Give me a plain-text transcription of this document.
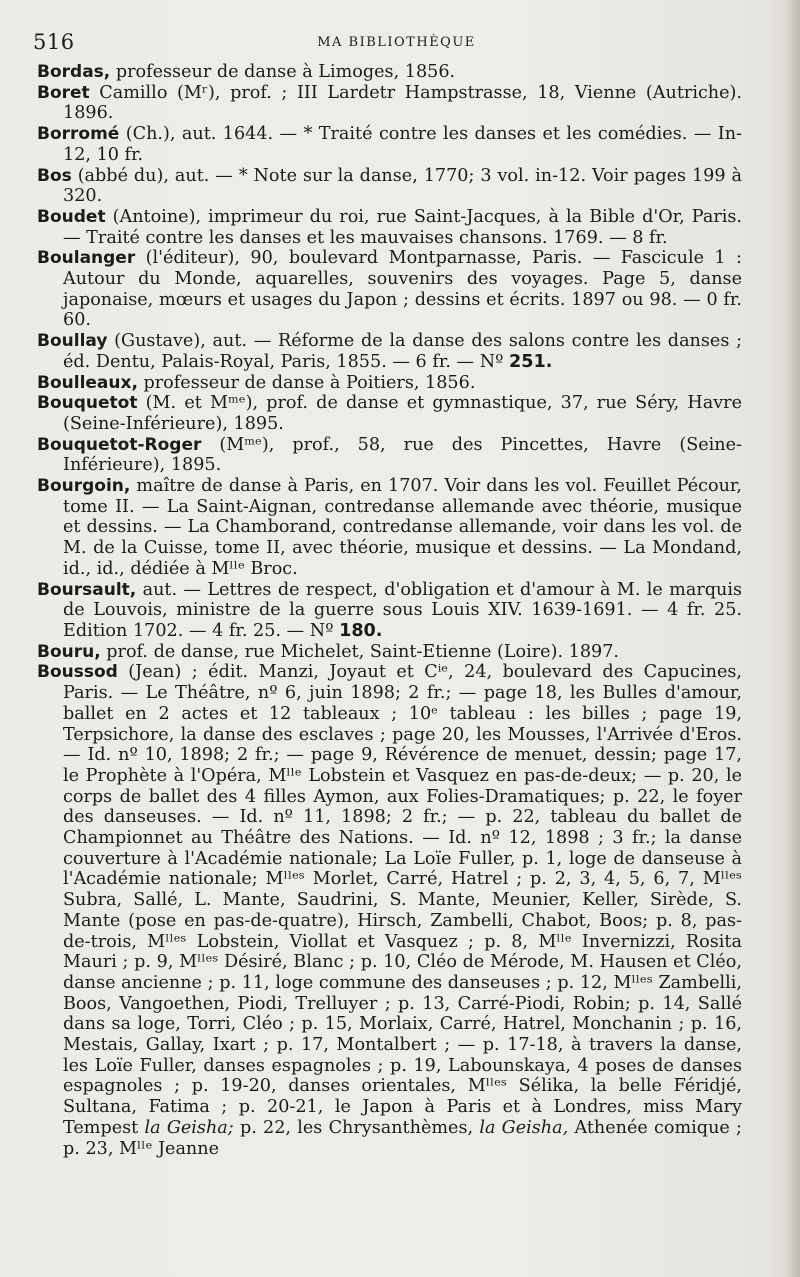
516	MA BIBLIOTHÈQUE

Bordas, professeur de danse à Limoges, 1856.

Boret Camillo (Mʳ), prof. ; III Lardetr Hampstrasse, 18, Vienne (Autriche). 1896.

Borromé (Ch.), aut. 1644. — * Traité contre les danses et les comédies. — In-12, 10 fr.

Bos (abbé du), aut. — * Note sur la danse, 1770; 3 vol. in-12. Voir pages 199 à 320.

Boudet (Antoine), imprimeur du roi, rue Saint-Jacques, à la Bible d'Or, Paris. — Traité contre les danses et les mauvaises chansons. 1769. — 8 fr.

Boulanger (l'éditeur), 90, boulevard Montparnasse, Paris. — Fascicule 1 : Autour du Monde, aquarelles, souvenirs des voyages. Page 5, danse japonaise, mœurs et usages du Japon ; dessins et écrits. 1897 ou 98. — 0 fr. 60.

Boullay (Gustave), aut. — Réforme de la danse des salons contre les danses ; éd. Dentu, Palais-Royal, Paris, 1855. — 6 fr. — Nº 251.

Boulleaux, professeur de danse à Poitiers, 1856.

Bouquetot (M. et Mᵐᵉ), prof. de danse et gymnastique, 37, rue Séry, Havre (Seine-Inférieure), 1895.

Bouquetot-Roger (Mᵐᵉ), prof., 58, rue des Pincettes, Havre (Seine-Inférieure), 1895.

Bourgoin, maître de danse à Paris, en 1707. Voir dans les vol. Feuillet Pécour, tome II. — La Saint-Aignan, contredanse allemande avec théorie, musique et dessins. — La Chamborand, contredanse allemande, voir dans les vol. de M. de la Cuisse, tome II, avec théorie, musique et dessins. — La Mondand, id., id., dédiée à Mˡˡᵉ Broc.

Boursault, aut. — Lettres de respect, d'obligation et d'amour à M. le marquis de Louvois, ministre de la guerre sous Louis XIV. 1639-1691. — 4 fr. 25. Edition 1702. — 4 fr. 25. — Nº 180.

Bouru, prof. de danse, rue Michelet, Saint-Etienne (Loire). 1897.

Boussod (Jean) ; édit. Manzi, Joyaut et Cⁱᵉ, 24, boulevard des Capucines, Paris. — Le Théâtre, nº 6, juin 1898; 2 fr.; — page 18, les Bulles d'amour, ballet en 2 actes et 12 tableaux ; 10ᵉ tableau : les billes ; page 19, Terpsichore, la danse des esclaves ; page 20, les Mousses, l'Arrivée d'Eros. — Id. nº 10, 1898; 2 fr.; — page 9, Révérence de menuet, dessin; page 17, le Prophète à l'Opéra, Mˡˡᵉ Lobstein et Vasquez en pas-de-deux; — p. 20, le corps de ballet des 4 filles Aymon, aux Folies-Dramatiques; p. 22, le foyer des danseuses. — Id. nº 11, 1898; 2 fr.; — p. 22, tableau du ballet de Championnet au Théâtre des Nations. — Id. nº 12, 1898 ; 3 fr.; la danse couverture à l'Académie nationale; La Loïe Fuller, p. 1, loge de danseuse à l'Académie nationale; Mˡˡᵉˢ Morlet, Carré, Hatrel ; p. 2, 3, 4, 5, 6, 7, Mˡˡᵉˢ Subra, Sallé, L. Mante, Saudrini, S. Mante, Meunier, Keller, Sirède, S. Mante (pose en pas-de-quatre), Hirsch, Zambelli, Chabot, Boos; p. 8, pas-de-trois, Mˡˡᵉˢ Lobstein, Viollat et Vasquez ; p. 8, Mˡˡᵉ Invernizzi, Rosita Mauri ; p. 9, Mˡˡᵉˢ Désiré, Blanc ; p. 10, Cléo de Mérode, M. Hausen et Cléo, danse ancienne ; p. 11, loge commune des danseuses ; p. 12, Mˡˡᵉˢ Zambelli, Boos, Vangoethen, Piodi, Trelluyer ; p. 13, Carré-Piodi, Robin; p. 14, Sallé dans sa loge, Torri, Cléo ; p. 15, Morlaix, Carré, Hatrel, Monchanin ; p. 16, Mestais, Gallay, Ixart ; p. 17, Montalbert ; — p. 17-18, à travers la danse, les Loïe Fuller, danses espagnoles ; p. 19, Labounskaya, 4 poses de danses espagnoles ; p. 19-20, danses orientales, Mˡˡᵉˢ Sélika, la belle Féridjé, Sultana, Fatima ; p. 20-21, le Japon à Paris et à Londres, miss Mary Tempest la Geisha; p. 22, les Chrysanthèmes, la Geisha, Athenée comique ; p. 23, Mˡˡᵉ Jeanne
